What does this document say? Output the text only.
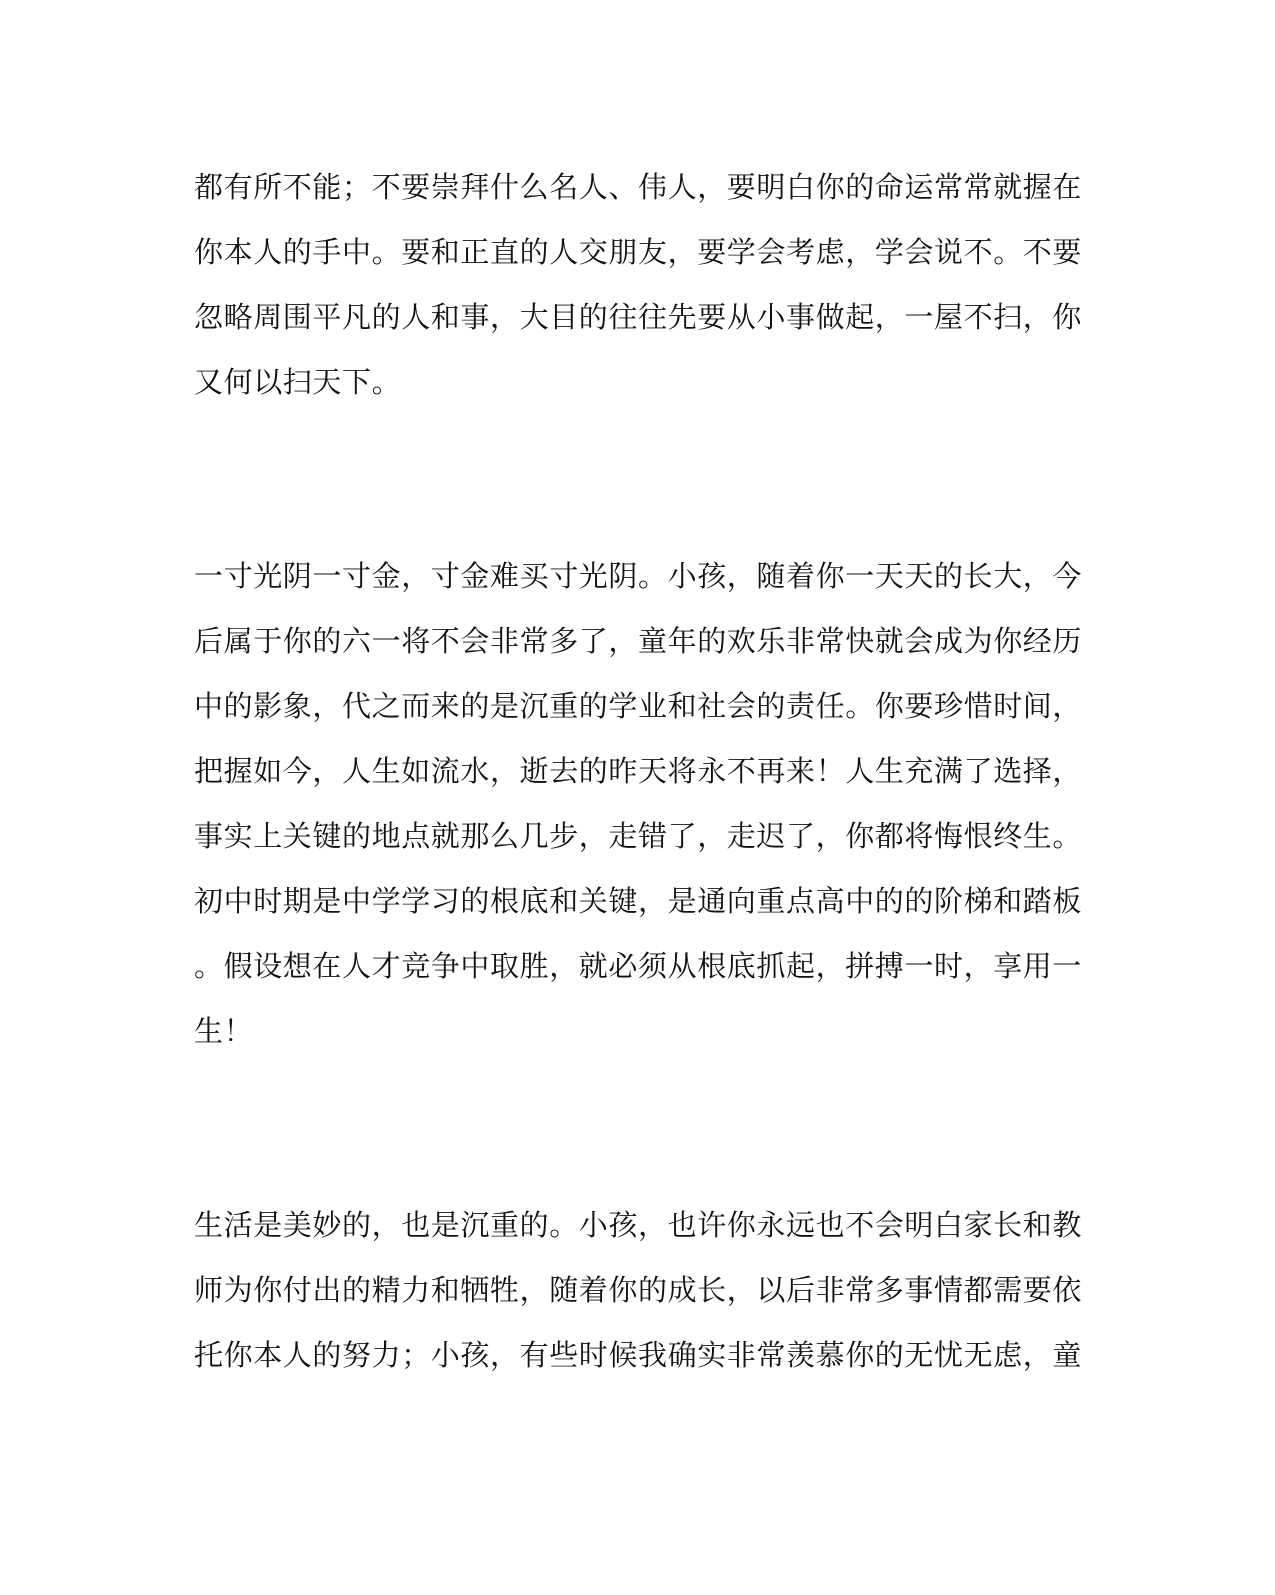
都有所不能；不要崇拜什么名人、伟人，要明白你的命运常常就握在
你本人的手中。要和正直的人交朋友，要学会考虑，学会说不。不要
忽略周围平凡的人和事，大目的往往先要从小事做起，一屋不扫，你
又何以扫天下。
一寸光阴一寸金，寸金难买寸光阴。小孩，随着你一天天的长大，今
后属于你的六一将不会非常多了，童年的欢乐非常快就会成为你经历
中的影象，代之而来的是沉重的学业和社会的责任。你要珍惜时间，
把握如今，人生如流水，逝去的昨天将永不再来！人生充满了选择，
事实上关键的地点就那么几步，走错了，走迟了，你都将悔恨终生。
初中时期是中学学习的根底和关键，是通向重点高中的的阶梯和踏板
。假设想在人才竞争中取胜，就必须从根底抓起，拼搏一时，享用一
生！
生活是美妙的，也是沉重的。小孩，也许你永远也不会明白家长和教
师为你付出的精力和牺牲，随着你的成长，以后非常多事情都需要依
托你本人的努力；小孩，有些时候我确实非常羡慕你的无忧无虑，童
